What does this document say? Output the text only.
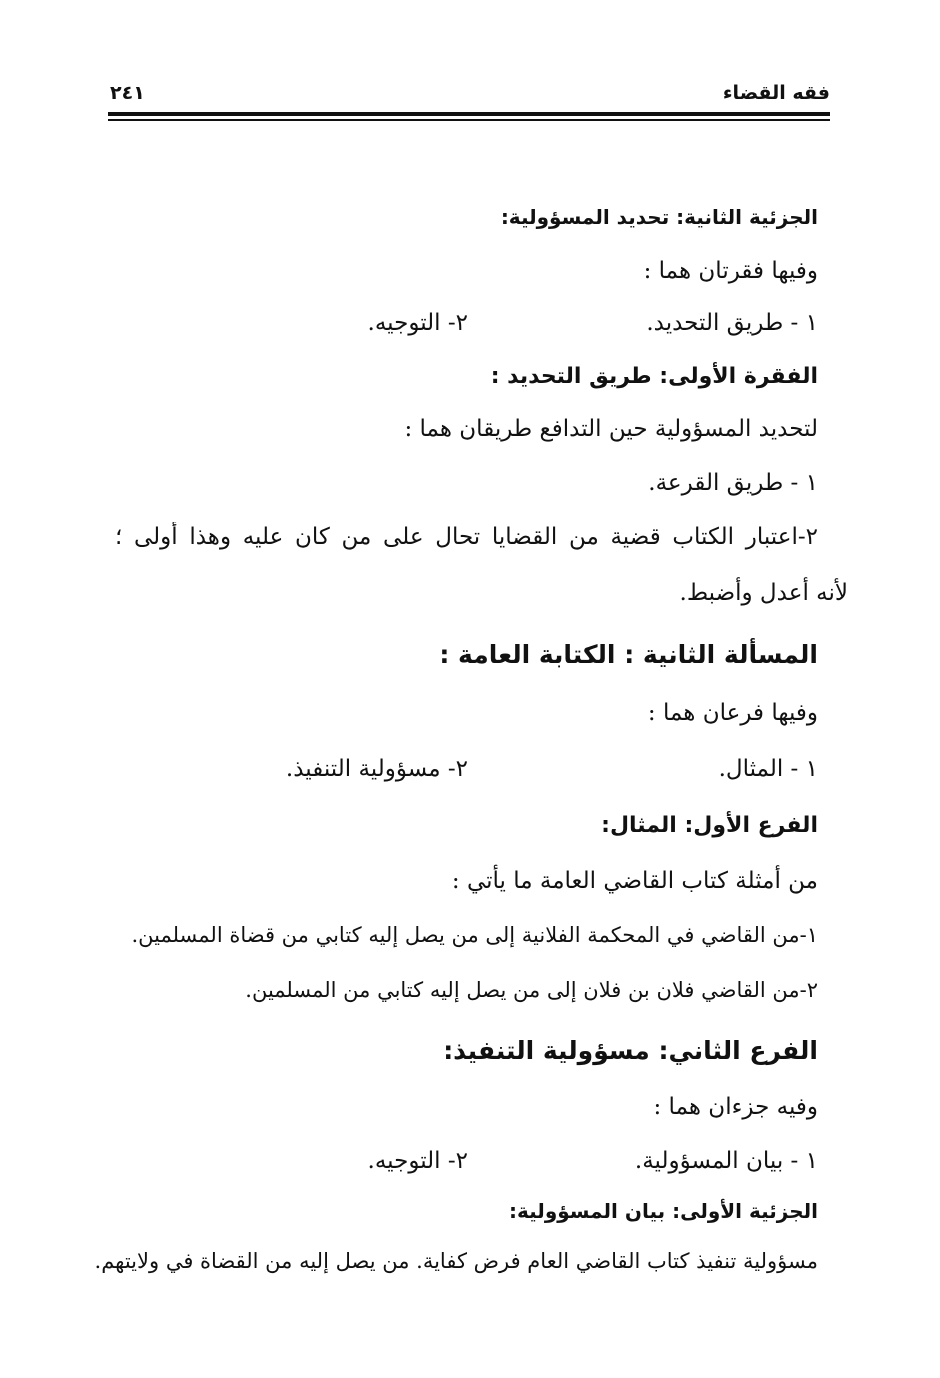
فقه القضاء
٢٤١
الجزئية الثانية: تحديد المسؤولية:
وفيها فقرتان هما :
١ - طريق التحديد.
٢- التوجيه.
الفقرة الأولى: طريق التحديد :
لتحديد المسؤولية حين التدافع طريقان هما :
١ - طريق القرعة.
٢-اعتبار الكتاب قضية من القضايا تحال على من كان عليه وهذا أولى ؛
لأنه أعدل وأضبط.
المسألة الثانية : الكتابة العامة :
وفيها فرعان هما :
١ - المثال.
٢- مسؤولية التنفيذ.
الفرع الأول: المثال:
من أمثلة كتاب القاضي العامة ما يأتي :
١-من القاضي في المحكمة الفلانية إلى من يصل إليه كتابي من قضاة المسلمين.
٢-من القاضي فلان بن فلان إلى من يصل إليه كتابي من المسلمين.
الفرع الثاني: مسؤولية التنفيذ:
وفيه جزءان هما :
١ - بيان المسؤولية.
٢- التوجيه.
الجزئية الأولى: بيان المسؤولية:
مسؤولية تنفيذ كتاب القاضي العام فرض كفاية. من يصل إليه من القضاة في ولايتهم.
